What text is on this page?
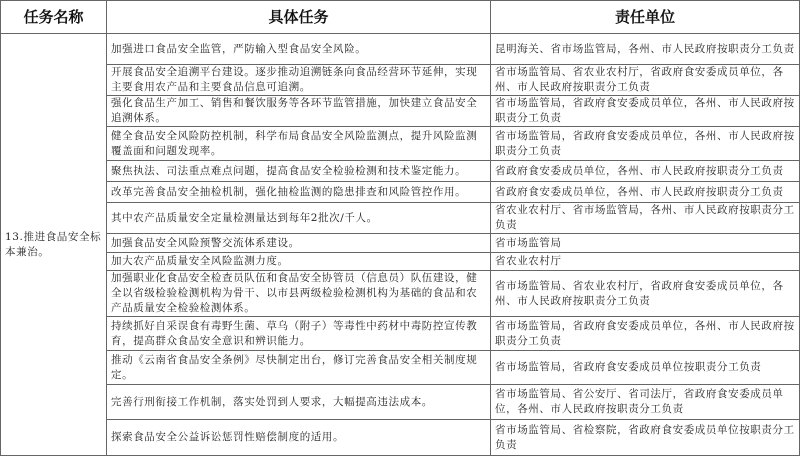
任务名称	具体任务	责任单位
13.推进食品安全标本兼治。	加强进口食品安全监管，严防输入型食品安全风险。	昆明海关、省市场监管局，各州、市人民政府按职责分工负责
	开展食品安全追溯平台建设。逐步推动追溯链条向食品经营环节延伸，实现主要食用农产品和主要食品信息可追溯。	省市场监管局、省农业农村厅，省政府食安委成员单位，各州、市人民政府按职责分工负责
	强化食品生产加工、销售和餐饮服务等各环节监管措施，加快建立食品安全追溯体系。	省市场监管局，省政府食安委成员单位，各州、市人民政府按职责分工负责
	健全食品安全风险防控机制，科学布局食品安全风险监测点，提升风险监测覆盖面和问题发现率。	省市场监管局，省政府食安委成员单位，各州、市人民政府按职责分工负责
	聚焦执法、司法重点难点问题，提高食品安全检验检测和技术鉴定能力。	省政府食安委成员单位，各州、市人民政府按职责分工负责
	改革完善食品安全抽检机制，强化抽检监测的隐患排查和风险管控作用。	省政府食安委成员单位，各州、市人民政府按职责分工负责
	其中农产品质量安全定量检测量达到每年2批次/千人。	省农业农村厅、省市场监管局，各州、市人民政府按职责分工负责
	加强食品安全风险预警交流体系建设。	省市场监管局
	加大农产品质量安全风险监测力度。	省农业农村厅
	加强职业化食品安全检查员队伍和食品安全协管员（信息员）队伍建设，健全以省级检验检测机构为骨干、以市县两级检验检测机构为基础的食品和农产品质量安全检验检测体系。	省市场监管局、省农业农村厅，省政府食安委成员单位，各州、市人民政府按职责分工负责
	持续抓好自采误食有毒野生菌、草乌（附子）等毒性中药材中毒防控宣传教育，提高群众食品安全意识和辨识能力。	省市场监管局，省政府食安委成员单位，各州、市人民政府按职责分工负责
	推动《云南省食品安全条例》尽快制定出台，修订完善食品安全相关制度规定。	省市场监管局，省政府食安委成员单位按职责分工负责
	完善行刑衔接工作机制，落实处罚到人要求，大幅提高违法成本。	省市场监管局、省公安厅、省司法厅，省政府食安委成员单位，各州、市人民政府按职责分工负责
	探索食品安全公益诉讼惩罚性赔偿制度的适用。	省市场监管局、省检察院，省政府食安委成员单位按职责分工负责
